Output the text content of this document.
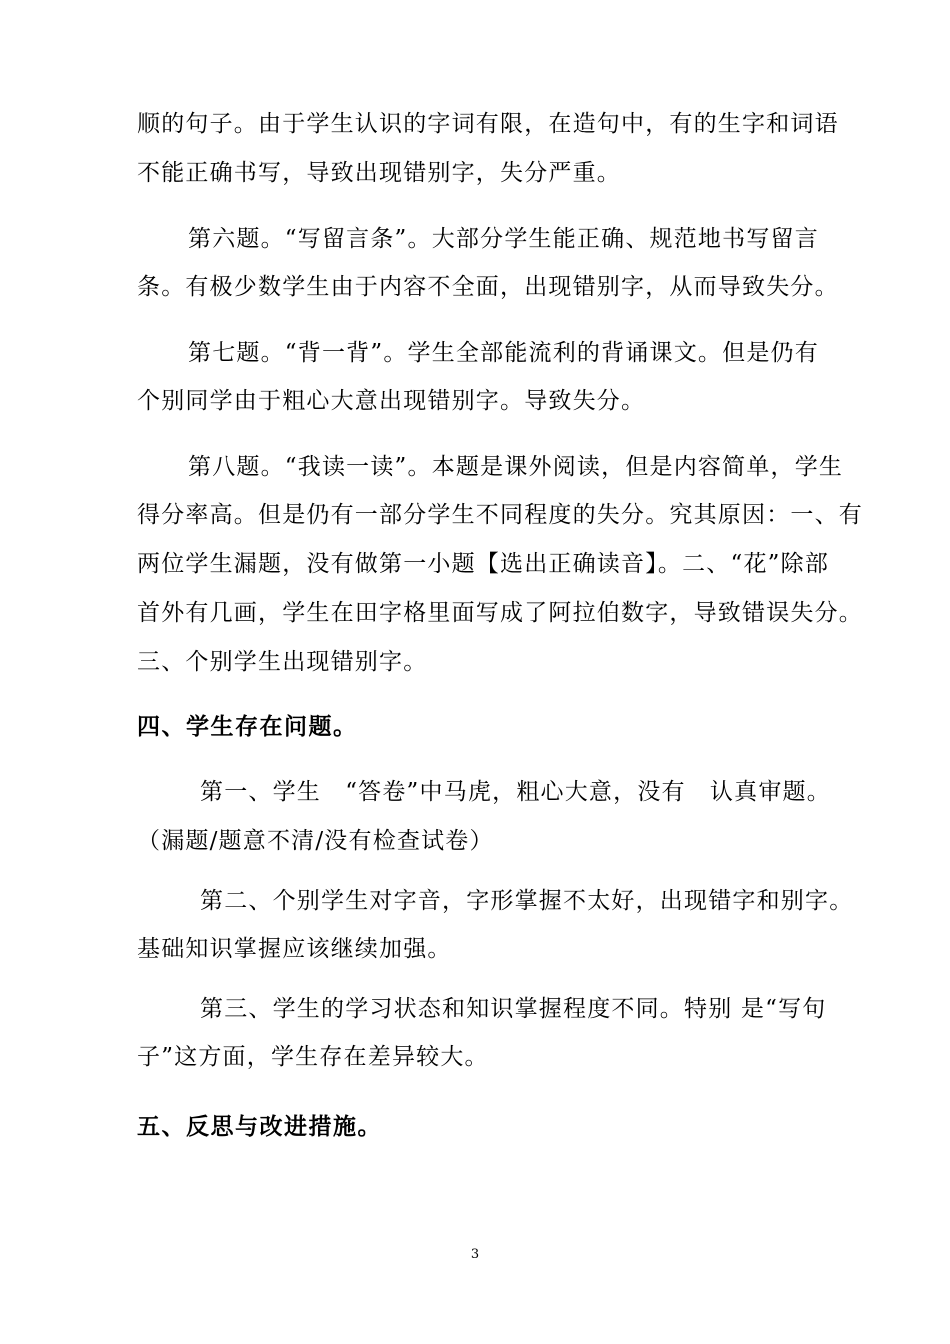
顺的句子。由于学生认识的字词有限，在造句中，有的生字和词语
不能正确书写，导致出现错别字，失分严重。
第六题。“写留言条”。大部分学生能正确、规范地书写留言
条。有极少数学生由于内容不全面，出现错别字，从而导致失分。
第七题。“背一背”。学生全部能流利的背诵课文。但是仍有
个别同学由于粗心大意出现错别字。导致失分。
第八题。“我读一读”。本题是课外阅读，但是内容简单，学生
得分率高。但是仍有一部分学生不同程度的失分。究其原因：一、有
两位学生漏题，没有做第一小题【选出正确读音】。二、“花”除部
首外有几画，学生在田字格里面写成了阿拉伯数字，导致错误失分。
三、个别学生出现错别字。
四、学生存在问题。
第一、学生　“答卷”中马虎，粗心大意，没有　认真审题。
（漏题/题意不清/没有检查试卷）
第二、个别学生对字音，字形掌握不太好，出现错字和别字。
基础知识掌握应该继续加强。
第三、学生的学习状态和知识掌握程度不同。特别 是“写句
子”这方面，学生存在差异较大。
五、反思与改进措施。
3
